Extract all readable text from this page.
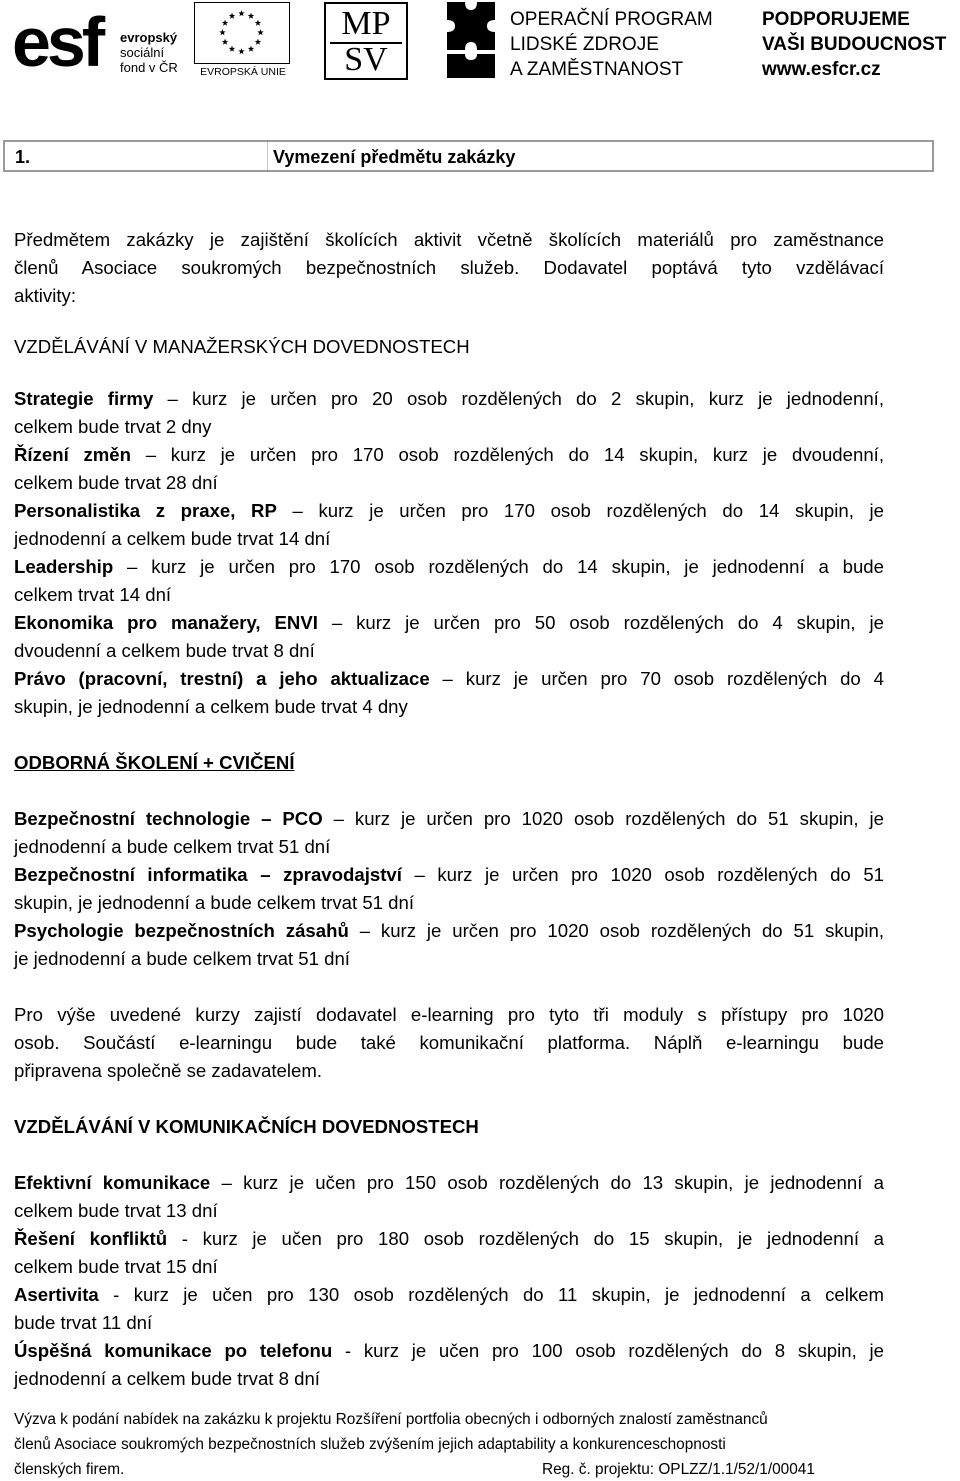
esf evropský
sociální
fond v ČR	EVROPSKÁ UNIE
MP
SV
OPERAČNÍ PROGRAM
LIDSKÉ ZDROJE
A ZAMĚSTNANOST
PODPORUJEME
VAŠI BUDOUCNOST
www.esfcr.cz
1.	Vymezení předmětu zakázky
Předmětem zakázky je zajištění školících aktivit včetně školících materiálů pro zaměstnance
členů Asociace soukromých bezpečnostních služeb. Dodavatel poptává tyto vzdělávací
aktivity:
VZDĚLÁVÁNÍ V MANAŽERSKÝCH DOVEDNOSTECH
Strategie firmy – kurz je určen pro 20 osob rozdělených do 2 skupin, kurz je jednodenní,
celkem bude trvat 2 dny
Řízení změn – kurz je určen pro 170 osob rozdělených do 14 skupin, kurz je dvoudenní,
celkem bude trvat 28 dní
Personalistika z praxe, RP – kurz je určen pro 170 osob rozdělených do 14 skupin, je
jednodenní a celkem bude trvat 14 dní
Leadership – kurz je určen pro 170 osob rozdělených do 14 skupin, je jednodenní a bude
celkem trvat 14 dní
Ekonomika pro manažery, ENVI – kurz je určen pro 50 osob rozdělených do 4 skupin, je
dvoudenní a celkem bude trvat 8 dní
Právo (pracovní, trestní) a jeho aktualizace – kurz je určen pro 70 osob rozdělených do 4
skupin, je jednodenní a celkem bude trvat 4 dny
ODBORNÁ ŠKOLENÍ + CVIČENÍ
Bezpečnostní technologie – PCO – kurz je určen pro 1020 osob rozdělených do 51 skupin, je
jednodenní a bude celkem trvat 51 dní
Bezpečnostní informatika – zpravodajství – kurz je určen pro 1020 osob rozdělených do 51
skupin, je jednodenní a bude celkem trvat 51 dní
Psychologie bezpečnostních zásahů – kurz je určen pro 1020 osob rozdělených do 51 skupin,
je jednodenní a bude celkem trvat 51 dní
Pro výše uvedené kurzy zajistí dodavatel e-learning pro tyto tři moduly s přístupy pro 1020
osob. Součástí e-learningu bude také komunikační platforma. Náplň e-learningu bude
připravena společně se zadavatelem.
VZDĚLÁVÁNÍ V KOMUNIKAČNÍCH DOVEDNOSTECH
Efektivní komunikace – kurz je učen pro 150 osob rozdělených do 13 skupin, je jednodenní a
celkem bude trvat 13 dní
Řešení konfliktů - kurz je učen pro 180 osob rozdělených do 15 skupin, je jednodenní a
celkem bude trvat 15 dní
Asertivita - kurz je učen pro 130 osob rozdělených do 11 skupin, je jednodenní a celkem
bude trvat 11 dní
Úspěšná komunikace po telefonu - kurz je učen pro 100 osob rozdělených do 8 skupin, je
jednodenní a celkem bude trvat 8 dní
Výzva k podání nabídek na zakázku k projektu Rozšíření portfolia obecných i odborných znalostí zaměstnanců
členů Asociace soukromých bezpečnostních služeb zvýšením jejich adaptability a konkurenceschopnosti
členských firem.	Reg. č. projektu: OPLZZ/1.1/52/1/00041
